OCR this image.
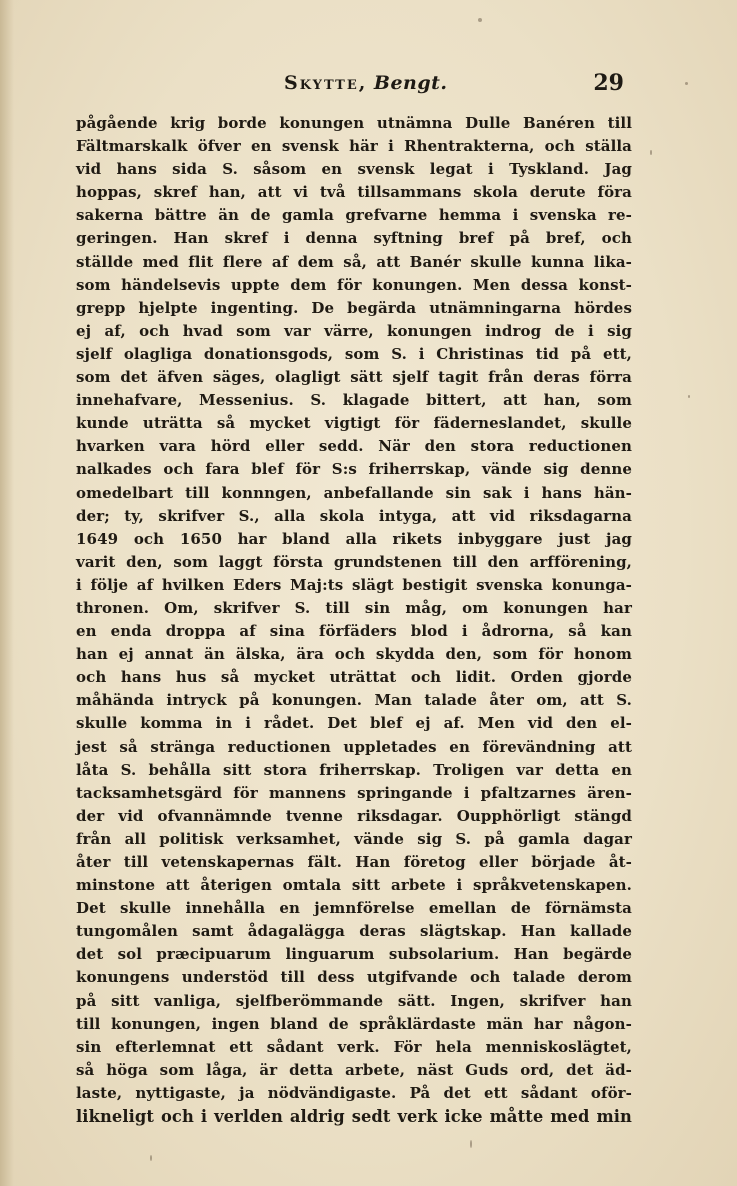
Skytte, Bengt.	29
pågående krig borde konungen utnämna Dulle Banéren till
Fältmarskalk öfver en svensk här i Rhentrakterna, och ställa
vid hans sida S. såsom en svensk legat i Tyskland. Jag
hoppas, skref han, att vi två tillsammans skola derute föra
sakerna bättre än de gamla grefvarne hemma i svenska re-
geringen. Han skref i denna syftning bref på bref, och
ställde med flit flere af dem så, att Banér skulle kunna lika-
som händelsevis uppte dem för konungen. Men dessa konst-
grepp hjelpte ingenting. De begärda utnämningarna hördes
ej af, och hvad som var värre, konungen indrog de i sig
sjelf olagliga donationsgods, som S. i Christinas tid på ett,
som det äfven säges, olagligt sätt sjelf tagit från deras förra
innehafvare, Messenius. S. klagade bittert, att han, som
kunde uträtta så mycket vigtigt för fäderneslandet, skulle
hvarken vara hörd eller sedd. När den stora reductionen
nalkades och fara blef för S:s friherrskap, vände sig denne
omedelbart till konnngen, anbefallande sin sak i hans hän-
der; ty, skrifver S., alla skola intyga, att vid riksdagarna
1649 och 1650 har bland alla rikets inbyggare just jag
varit den, som laggt första grundstenen till den arfförening,
i följe af hvilken Eders Maj:ts slägt bestigit svenska konunga-
thronen. Om, skrifver S. till sin måg, om konungen har
en enda droppa af sina förfäders blod i ådrorna, så kan
han ej annat än älska, ära och skydda den, som för honom
och hans hus så mycket uträttat och lidit. Orden gjorde
måhända intryck på konungen. Man talade åter om, att S.
skulle komma in i rådet. Det blef ej af. Men vid den el-
jest så stränga reductionen uppletades en förevändning att
låta S. behålla sitt stora friherrskap. Troligen var detta en
tacksamhetsgärd för mannens springande i pfaltzarnes ären-
der vid ofvannämnde tvenne riksdagar. Oupphörligt stängd
från all politisk verksamhet, vände sig S. på gamla dagar
åter till vetenskapernas fält. Han företog eller började åt-
minstone att återigen omtala sitt arbete i språkvetenskapen.
Det skulle innehålla en jemnförelse emellan de förnämsta
tungomålen samt ådagalägga deras slägtskap. Han kallade
det sol præcipuarum linguarum subsolarium. Han begärde
konungens understöd till dess utgifvande och talade derom
på sitt vanliga, sjelfberömmande sätt. Ingen, skrifver han
till konungen, ingen bland de språklärdaste män har någon-
sin efterlemnat ett sådant verk. För hela menniskoslägtet,
så höga som låga, är detta arbete, näst Guds ord, det äd-
laste, nyttigaste, ja nödvändigaste. På det ett sådant oför-
likneligt och i verlden aldrig sedt verk icke måtte med min
